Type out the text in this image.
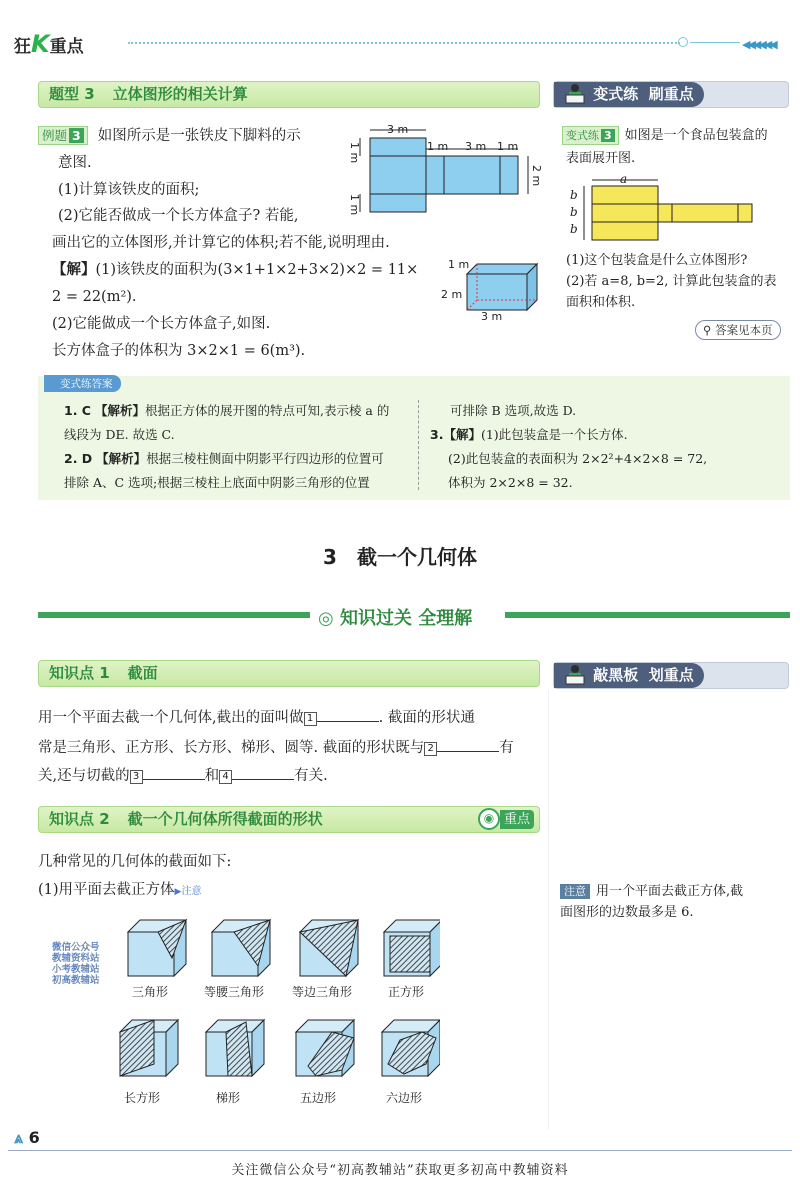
狂K重点	◀◀◀◀◀◀
题型 3 立体图形的相关计算	变式练 刷重点
例题 3 如图所示是一张铁皮下脚料的示
意图.
(1)计算该铁皮的面积;
(2)它能否做成一个长方体盒子? 若能,
画出它的立体图形,并计算它的体积;若不能,说明理由.
【解】(1)该铁皮的面积为(3×1+1×2+3×2)×2 = 11×
2 = 22(m²).
(2)它能做成一个长方体盒子,如图.
长方体盒子的体积为 3×2×1 = 6(m³).
3 m
1 m
1 m
1 m 3 m 1 m
2 m
1 m
2 m
3 m
变式练 3 如图是一个食品包装盒的
表面展开图.
a
b
b
b
(1)这个包装盒是什么立体图形?
(2)若 a=8, b=2, 计算此包装盒的表
面积和体积.
⚲ 答案见本页
1. C 【解析】根据正方体的展开图的特点可知,表示棱 a 的
线段为 DE. 故选 C.
2. D 【解析】根据三棱柱侧面中阴影平行四边形的位置可
排除 A、C 选项;根据三棱柱上底面中阴影三角形的位置
可排除 B 选项,故选 D.
3.【解】(1)此包装盒是一个长方体.
(2)此包装盒的表面积为 2×2²+4×2×8 = 72,
体积为 2×2×8 = 32.
变式练答案
3　截一个几何体
◎ 知识过关 全理解
知识点 1 截面	敲黑板 划重点
用一个平面去截一个几何体,截出的面叫做 1	. 截面的形状通
常是三角形、正方形、长方形、梯形、圆等. 截面的形状既与 2	有
关,还与切截的 3	和 4	有关.
知识点 2 截一个几何体所得截面的形状	◉ 重点
几种常见的几何体的截面如下:
(1)用平面去截正方体▶注意	注意 用一个平面去截正方体,截
面图形的边数最多是 6.
三角形	等腰三角形	等边三角形	正方形
长方形	梯形	五边形	六边形
微信公众号
教辅资料站
小考教辅站
初高教辅站
⩓ 6
关注微信公众号“初高教辅站”获取更多初高中教辅资料
